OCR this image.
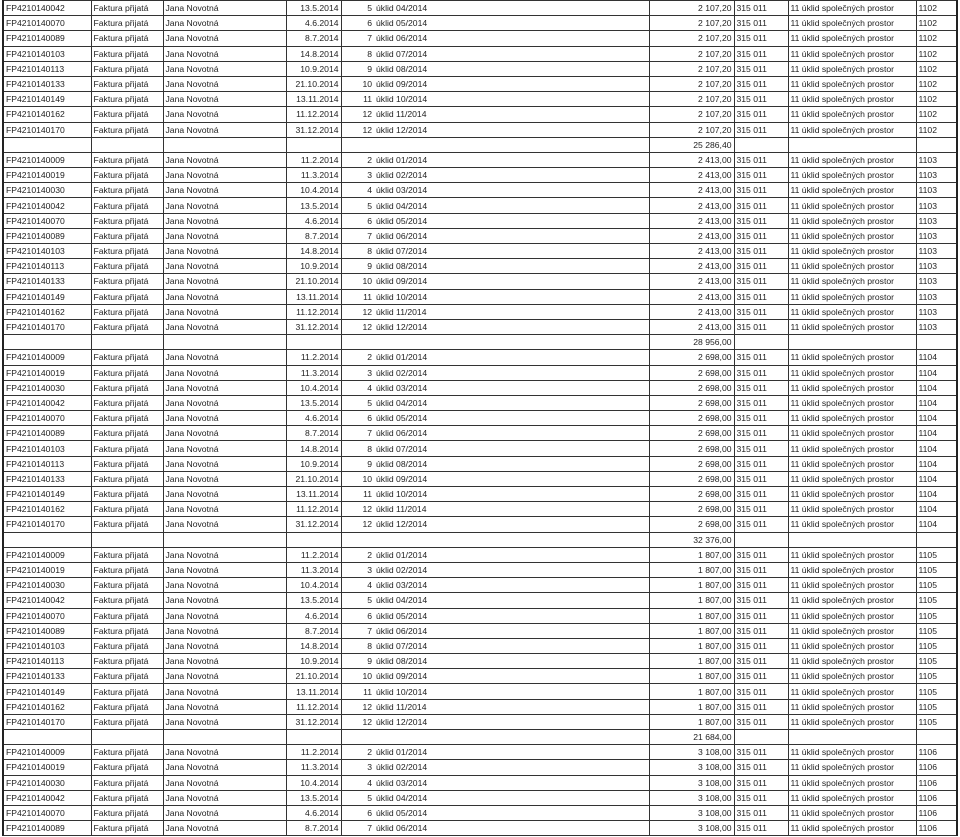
FP4210140042	Faktura přijatá	Jana Novotná	13.5.2014	5	úklid 04/2014	2 107,20	315 011	11 úklid společných prostor	1102
FP4210140070	Faktura přijatá	Jana Novotná	4.6.2014	6	úklid 05/2014	2 107,20	315 011	11 úklid společných prostor	1102
FP4210140089	Faktura přijatá	Jana Novotná	8.7.2014	7	úklid 06/2014	2 107,20	315 011	11 úklid společných prostor	1102
FP4210140103	Faktura přijatá	Jana Novotná	14.8.2014	8	úklid 07/2014	2 107,20	315 011	11 úklid společných prostor	1102
FP4210140113	Faktura přijatá	Jana Novotná	10.9.2014	9	úklid 08/2014	2 107,20	315 011	11 úklid společných prostor	1102
FP4210140133	Faktura přijatá	Jana Novotná	21.10.2014	10	úklid 09/2014	2 107,20	315 011	11 úklid společných prostor	1102
FP4210140149	Faktura přijatá	Jana Novotná	13.11.2014	11	úklid 10/2014	2 107,20	315 011	11 úklid společných prostor	1102
FP4210140162	Faktura přijatá	Jana Novotná	11.12.2014	12	úklid 11/2014	2 107,20	315 011	11 úklid společných prostor	1102
FP4210140170	Faktura přijatá	Jana Novotná	31.12.2014	12	úklid 12/2014	2 107,20	315 011	11 úklid společných prostor	1102
						25 286,40			
FP4210140009	Faktura přijatá	Jana Novotná	11.2.2014	2	úklid 01/2014	2 413,00	315 011	11 úklid společných prostor	1103
FP4210140019	Faktura přijatá	Jana Novotná	11.3.2014	3	úklid 02/2014	2 413,00	315 011	11 úklid společných prostor	1103
FP4210140030	Faktura přijatá	Jana Novotná	10.4.2014	4	úklid 03/2014	2 413,00	315 011	11 úklid společných prostor	1103
FP4210140042	Faktura přijatá	Jana Novotná	13.5.2014	5	úklid 04/2014	2 413,00	315 011	11 úklid společných prostor	1103
FP4210140070	Faktura přijatá	Jana Novotná	4.6.2014	6	úklid 05/2014	2 413,00	315 011	11 úklid společných prostor	1103
FP4210140089	Faktura přijatá	Jana Novotná	8.7.2014	7	úklid 06/2014	2 413,00	315 011	11 úklid společných prostor	1103
FP4210140103	Faktura přijatá	Jana Novotná	14.8.2014	8	úklid 07/2014	2 413,00	315 011	11 úklid společných prostor	1103
FP4210140113	Faktura přijatá	Jana Novotná	10.9.2014	9	úklid 08/2014	2 413,00	315 011	11 úklid společných prostor	1103
FP4210140133	Faktura přijatá	Jana Novotná	21.10.2014	10	úklid 09/2014	2 413,00	315 011	11 úklid společných prostor	1103
FP4210140149	Faktura přijatá	Jana Novotná	13.11.2014	11	úklid 10/2014	2 413,00	315 011	11 úklid společných prostor	1103
FP4210140162	Faktura přijatá	Jana Novotná	11.12.2014	12	úklid 11/2014	2 413,00	315 011	11 úklid společných prostor	1103
FP4210140170	Faktura přijatá	Jana Novotná	31.12.2014	12	úklid 12/2014	2 413,00	315 011	11 úklid společných prostor	1103
						28 956,00			
FP4210140009	Faktura přijatá	Jana Novotná	11.2.2014	2	úklid 01/2014	2 698,00	315 011	11 úklid společných prostor	1104
FP4210140019	Faktura přijatá	Jana Novotná	11.3.2014	3	úklid 02/2014	2 698,00	315 011	11 úklid společných prostor	1104
FP4210140030	Faktura přijatá	Jana Novotná	10.4.2014	4	úklid 03/2014	2 698,00	315 011	11 úklid společných prostor	1104
FP4210140042	Faktura přijatá	Jana Novotná	13.5.2014	5	úklid 04/2014	2 698,00	315 011	11 úklid společných prostor	1104
FP4210140070	Faktura přijatá	Jana Novotná	4.6.2014	6	úklid 05/2014	2 698,00	315 011	11 úklid společných prostor	1104
FP4210140089	Faktura přijatá	Jana Novotná	8.7.2014	7	úklid 06/2014	2 698,00	315 011	11 úklid společných prostor	1104
FP4210140103	Faktura přijatá	Jana Novotná	14.8.2014	8	úklid 07/2014	2 698,00	315 011	11 úklid společných prostor	1104
FP4210140113	Faktura přijatá	Jana Novotná	10.9.2014	9	úklid 08/2014	2 698,00	315 011	11 úklid společných prostor	1104
FP4210140133	Faktura přijatá	Jana Novotná	21.10.2014	10	úklid 09/2014	2 698,00	315 011	11 úklid společných prostor	1104
FP4210140149	Faktura přijatá	Jana Novotná	13.11.2014	11	úklid 10/2014	2 698,00	315 011	11 úklid společných prostor	1104
FP4210140162	Faktura přijatá	Jana Novotná	11.12.2014	12	úklid 11/2014	2 698,00	315 011	11 úklid společných prostor	1104
FP4210140170	Faktura přijatá	Jana Novotná	31.12.2014	12	úklid 12/2014	2 698,00	315 011	11 úklid společných prostor	1104
						32 376,00			
FP4210140009	Faktura přijatá	Jana Novotná	11.2.2014	2	úklid 01/2014	1 807,00	315 011	11 úklid společných prostor	1105
FP4210140019	Faktura přijatá	Jana Novotná	11.3.2014	3	úklid 02/2014	1 807,00	315 011	11 úklid společných prostor	1105
FP4210140030	Faktura přijatá	Jana Novotná	10.4.2014	4	úklid 03/2014	1 807,00	315 011	11 úklid společných prostor	1105
FP4210140042	Faktura přijatá	Jana Novotná	13.5.2014	5	úklid 04/2014	1 807,00	315 011	11 úklid společných prostor	1105
FP4210140070	Faktura přijatá	Jana Novotná	4.6.2014	6	úklid 05/2014	1 807,00	315 011	11 úklid společných prostor	1105
FP4210140089	Faktura přijatá	Jana Novotná	8.7.2014	7	úklid 06/2014	1 807,00	315 011	11 úklid společných prostor	1105
FP4210140103	Faktura přijatá	Jana Novotná	14.8.2014	8	úklid 07/2014	1 807,00	315 011	11 úklid společných prostor	1105
FP4210140113	Faktura přijatá	Jana Novotná	10.9.2014	9	úklid 08/2014	1 807,00	315 011	11 úklid společných prostor	1105
FP4210140133	Faktura přijatá	Jana Novotná	21.10.2014	10	úklid 09/2014	1 807,00	315 011	11 úklid společných prostor	1105
FP4210140149	Faktura přijatá	Jana Novotná	13.11.2014	11	úklid 10/2014	1 807,00	315 011	11 úklid společných prostor	1105
FP4210140162	Faktura přijatá	Jana Novotná	11.12.2014	12	úklid 11/2014	1 807,00	315 011	11 úklid společných prostor	1105
FP4210140170	Faktura přijatá	Jana Novotná	31.12.2014	12	úklid 12/2014	1 807,00	315 011	11 úklid společných prostor	1105
						21 684,00			
FP4210140009	Faktura přijatá	Jana Novotná	11.2.2014	2	úklid 01/2014	3 108,00	315 011	11 úklid společných prostor	1106
FP4210140019	Faktura přijatá	Jana Novotná	11.3.2014	3	úklid 02/2014	3 108,00	315 011	11 úklid společných prostor	1106
FP4210140030	Faktura přijatá	Jana Novotná	10.4.2014	4	úklid 03/2014	3 108,00	315 011	11 úklid společných prostor	1106
FP4210140042	Faktura přijatá	Jana Novotná	13.5.2014	5	úklid 04/2014	3 108,00	315 011	11 úklid společných prostor	1106
FP4210140070	Faktura přijatá	Jana Novotná	4.6.2014	6	úklid 05/2014	3 108,00	315 011	11 úklid společných prostor	1106
FP4210140089	Faktura přijatá	Jana Novotná	8.7.2014	7	úklid 06/2014	3 108,00	315 011	11 úklid společných prostor	1106
